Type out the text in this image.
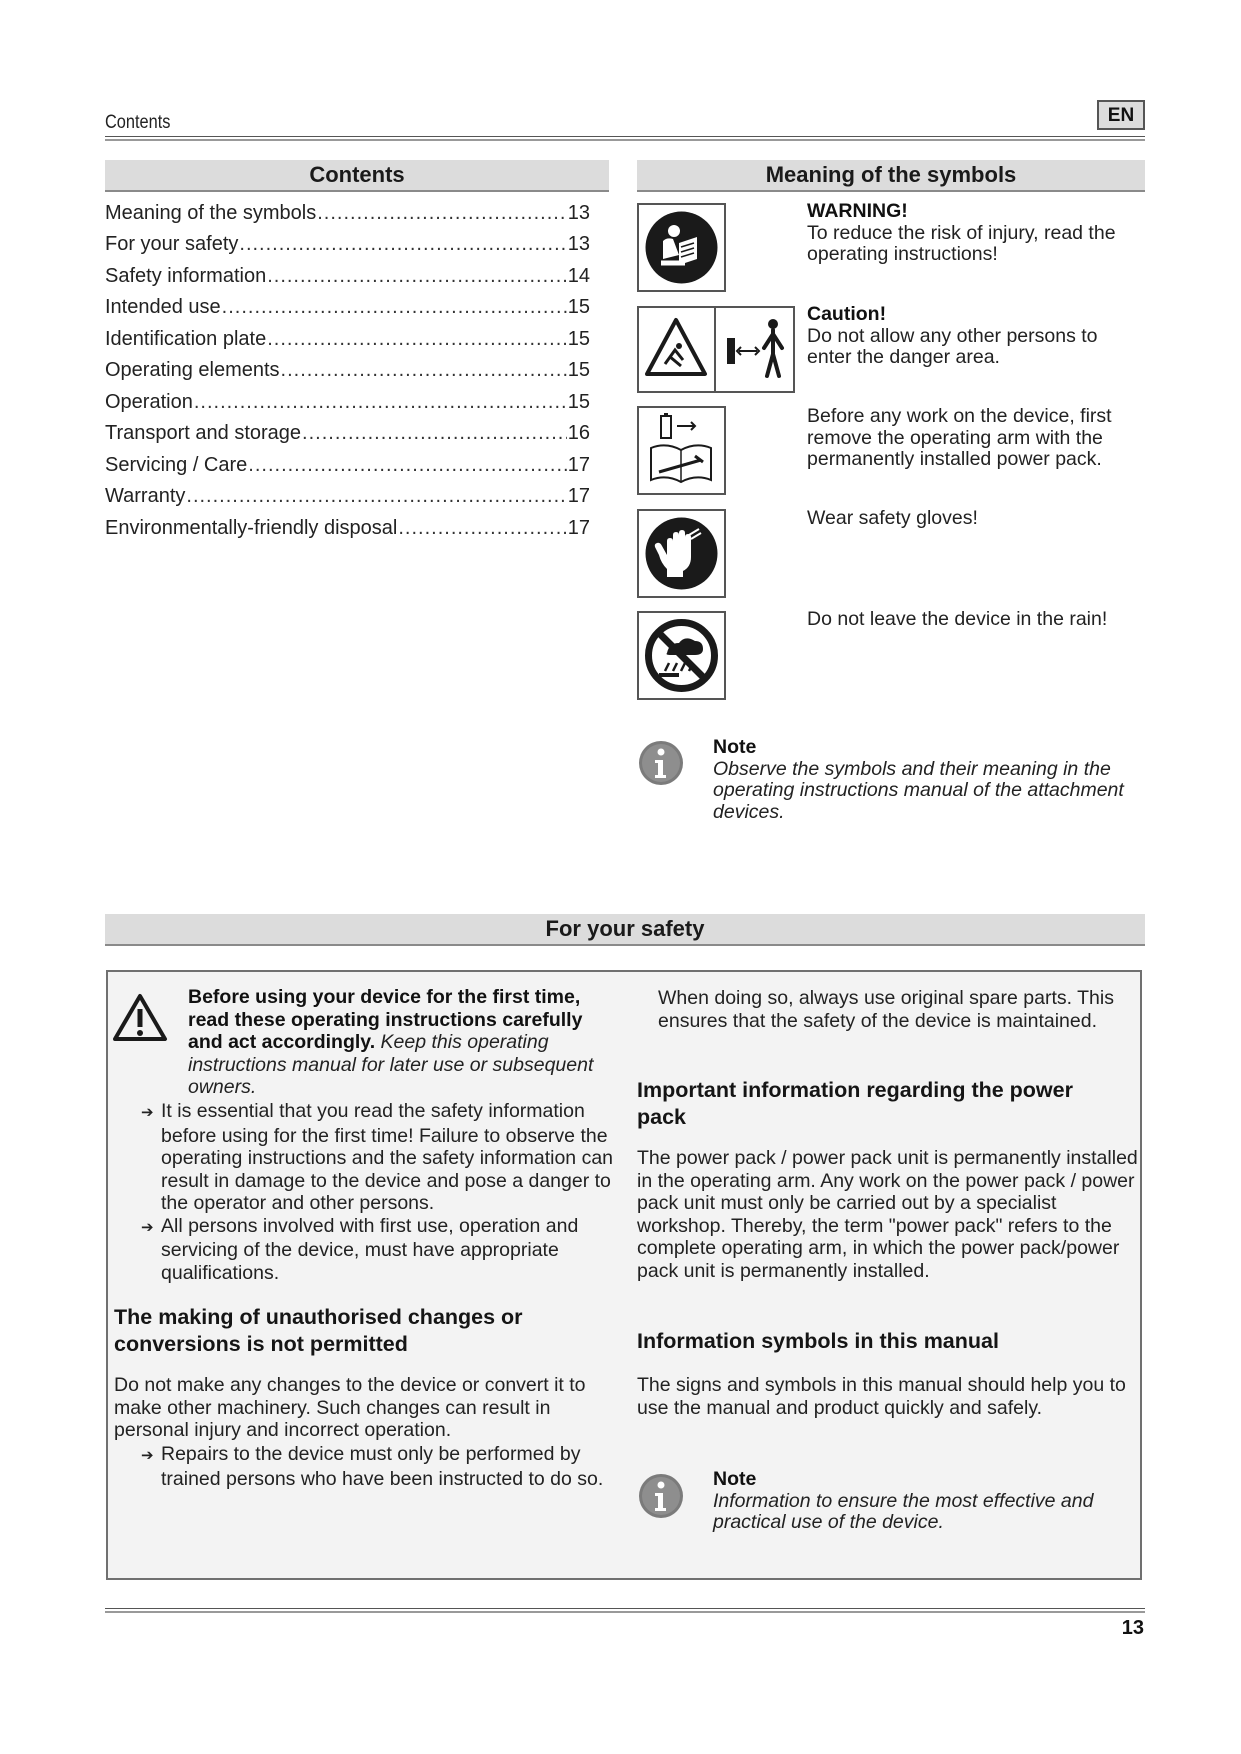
Contents	EN
Contents
Meaning of the symbols .....	13
For your safety .....	13
Safety information .....	14
Intended use .....	15
Identification plate .....	15
Operating elements .....	15
Operation .....	15
Transport and storage .....	16
Servicing / Care .....	17
Warranty .....	17
Environmentally-friendly disposal .....	17
Meaning of the symbols
WARNING!
To reduce the risk of injury, read the operating instructions!
Caution!
Do not allow any other persons to enter the danger area.
Before any work on the device, first remove the operating arm with the permanently installed power pack.
Wear safety gloves!
Do not leave the device in the rain!
Note
Observe the symbols and their meaning in the operating instructions manual of the attachment devices.
For your safety
Before using your device for the first time, read these operating instructions carefully and act accordingly. Keep this operating instructions manual for later use or subsequent owners.
➔ It is essential that you read the safety information before using for the first time! Failure to observe the operating instructions and the safety information can result in damage to the device and pose a danger to the operator and other persons.
➔ All persons involved with first use, operation and servicing of the device, must have appropriate qualifications.
The making of unauthorised changes or conversions is not permitted
Do not make any changes to the device or convert it to make other machinery. Such changes can result in personal injury and incorrect operation.
➔ Repairs to the device must only be performed by trained persons who have been instructed to do so.
When doing so, always use original spare parts. This ensures that the safety of the device is maintained.
Important information regarding the power pack
The power pack / power pack unit is permanently installed in the operating arm. Any work on the power pack / power pack unit must only be carried out by a specialist workshop. Thereby, the term "power pack" refers to the complete operating arm, in which the power pack/power pack unit is permanently installed.
Information symbols in this manual
The signs and symbols in this manual should help you to use the manual and product quickly and safely.
Note
Information to ensure the most effective and practical use of the device.
13
